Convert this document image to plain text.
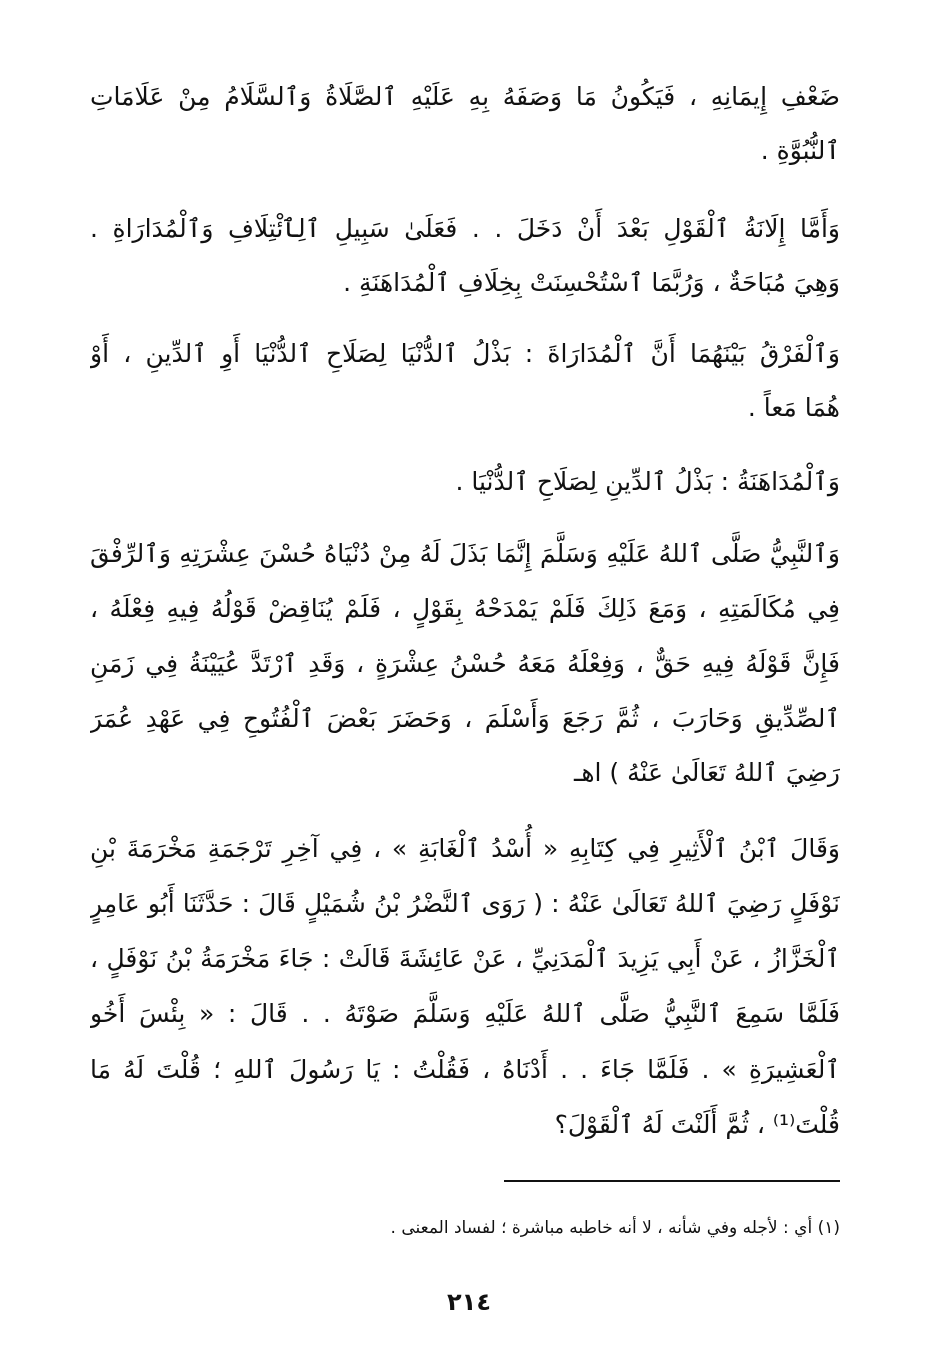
ضَعْفِ إِيمَانِهِ ، فَيَكُونُ مَا وَصَفَهُ بِهِ عَلَيْهِ ٱلصَّلَاةُ وَٱلسَّلَامُ مِنْ عَلَامَاتِ
ٱلنُّبُوَّةِ .
وَأَمَّا إِلَانَةُ ٱلْقَوْلِ بَعْدَ أَنْ دَخَلَ . . فَعَلَىٰ سَبِيلِ ٱلِٱئْتِلَافِ وَٱلْمُدَارَاةِ .
وَهِيَ مُبَاحَةٌ ، وَرُبَّمَا ٱسْتُحْسِنَتْ بِخِلَافِ ٱلْمُدَاهَنَةِ .
وَٱلْفَرْقُ بَيْنَهُمَا أَنَّ ٱلْمُدَارَاةَ : بَذْلُ ٱلدُّنْيَا لِصَلَاحِ ٱلدُّنْيَا أَوِ ٱلدِّينِ ، أَوْ
هُمَا مَعاً .
وَٱلْمُدَاهَنَةُ : بَذْلُ ٱلدِّينِ لِصَلَاحِ ٱلدُّنْيَا .
وَٱلنَّبِيُّ صَلَّى ٱللهُ عَلَيْهِ وَسَلَّمَ إِنَّمَا بَذَلَ لَهُ مِنْ دُنْيَاهُ حُسْنَ عِشْرَتِهِ وَٱلرِّفْقَ
فِي مُكَالَمَتِهِ ، وَمَعَ ذَلِكَ فَلَمْ يَمْدَحْهُ بِقَوْلٍ ، فَلَمْ يُنَاقِضْ قَوْلُهُ فِيهِ فِعْلَهُ ،
فَإِنَّ قَوْلَهُ فِيهِ حَقٌّ ، وَفِعْلَهُ مَعَهُ حُسْنُ عِشْرَةٍ ، وَقَدِ ٱرْتَدَّ عُيَيْنَةُ فِي زَمَنِ
ٱلصِّدِّيقِ وَحَارَبَ ، ثُمَّ رَجَعَ وَأَسْلَمَ ، وَحَضَرَ بَعْضَ ٱلْفُتُوحِ فِي عَهْدِ عُمَرَ
رَضِيَ ٱللهُ تَعَالَىٰ عَنْهُ ) اهـ
وَقَالَ ٱبْنُ ٱلْأَثِيرِ فِي كِتَابِهِ « أُسْدُ ٱلْغَابَةِ » ، فِي آخِرِ تَرْجَمَةِ مَخْرَمَةَ بْنِ
نَوْفَلٍ رَضِيَ ٱللهُ تَعَالَىٰ عَنْهُ : ( رَوَى ٱلنَّضْرُ بْنُ شُمَيْلٍ قَالَ : حَدَّثَنَا أَبُو عَامِرٍ
ٱلْخَزَّازُ ، عَنْ أَبِي يَزِيدَ ٱلْمَدَنِيِّ ، عَنْ عَائِشَةَ قَالَتْ : جَاءَ مَخْرَمَةُ بْنُ نَوْفَلٍ ،
فَلَمَّا سَمِعَ ٱلنَّبِيُّ صَلَّى ٱللهُ عَلَيْهِ وَسَلَّمَ صَوْتَهُ . . قَالَ : « بِئْسَ أَخُو
ٱلْعَشِيرَةِ » . فَلَمَّا جَاءَ . . أَدْنَاهُ ، فَقُلْتُ : يَا رَسُولَ ٱللهِ ؛ قُلْتَ لَهُ مَا
قُلْتَ⁽¹⁾ ، ثُمَّ أَلَنْتَ لَهُ ٱلْقَوْلَ؟
(١) أي : لأجله وفي شأنه ، لا أنه خاطبه مباشرة ؛ لفساد المعنى .
٢١٤
